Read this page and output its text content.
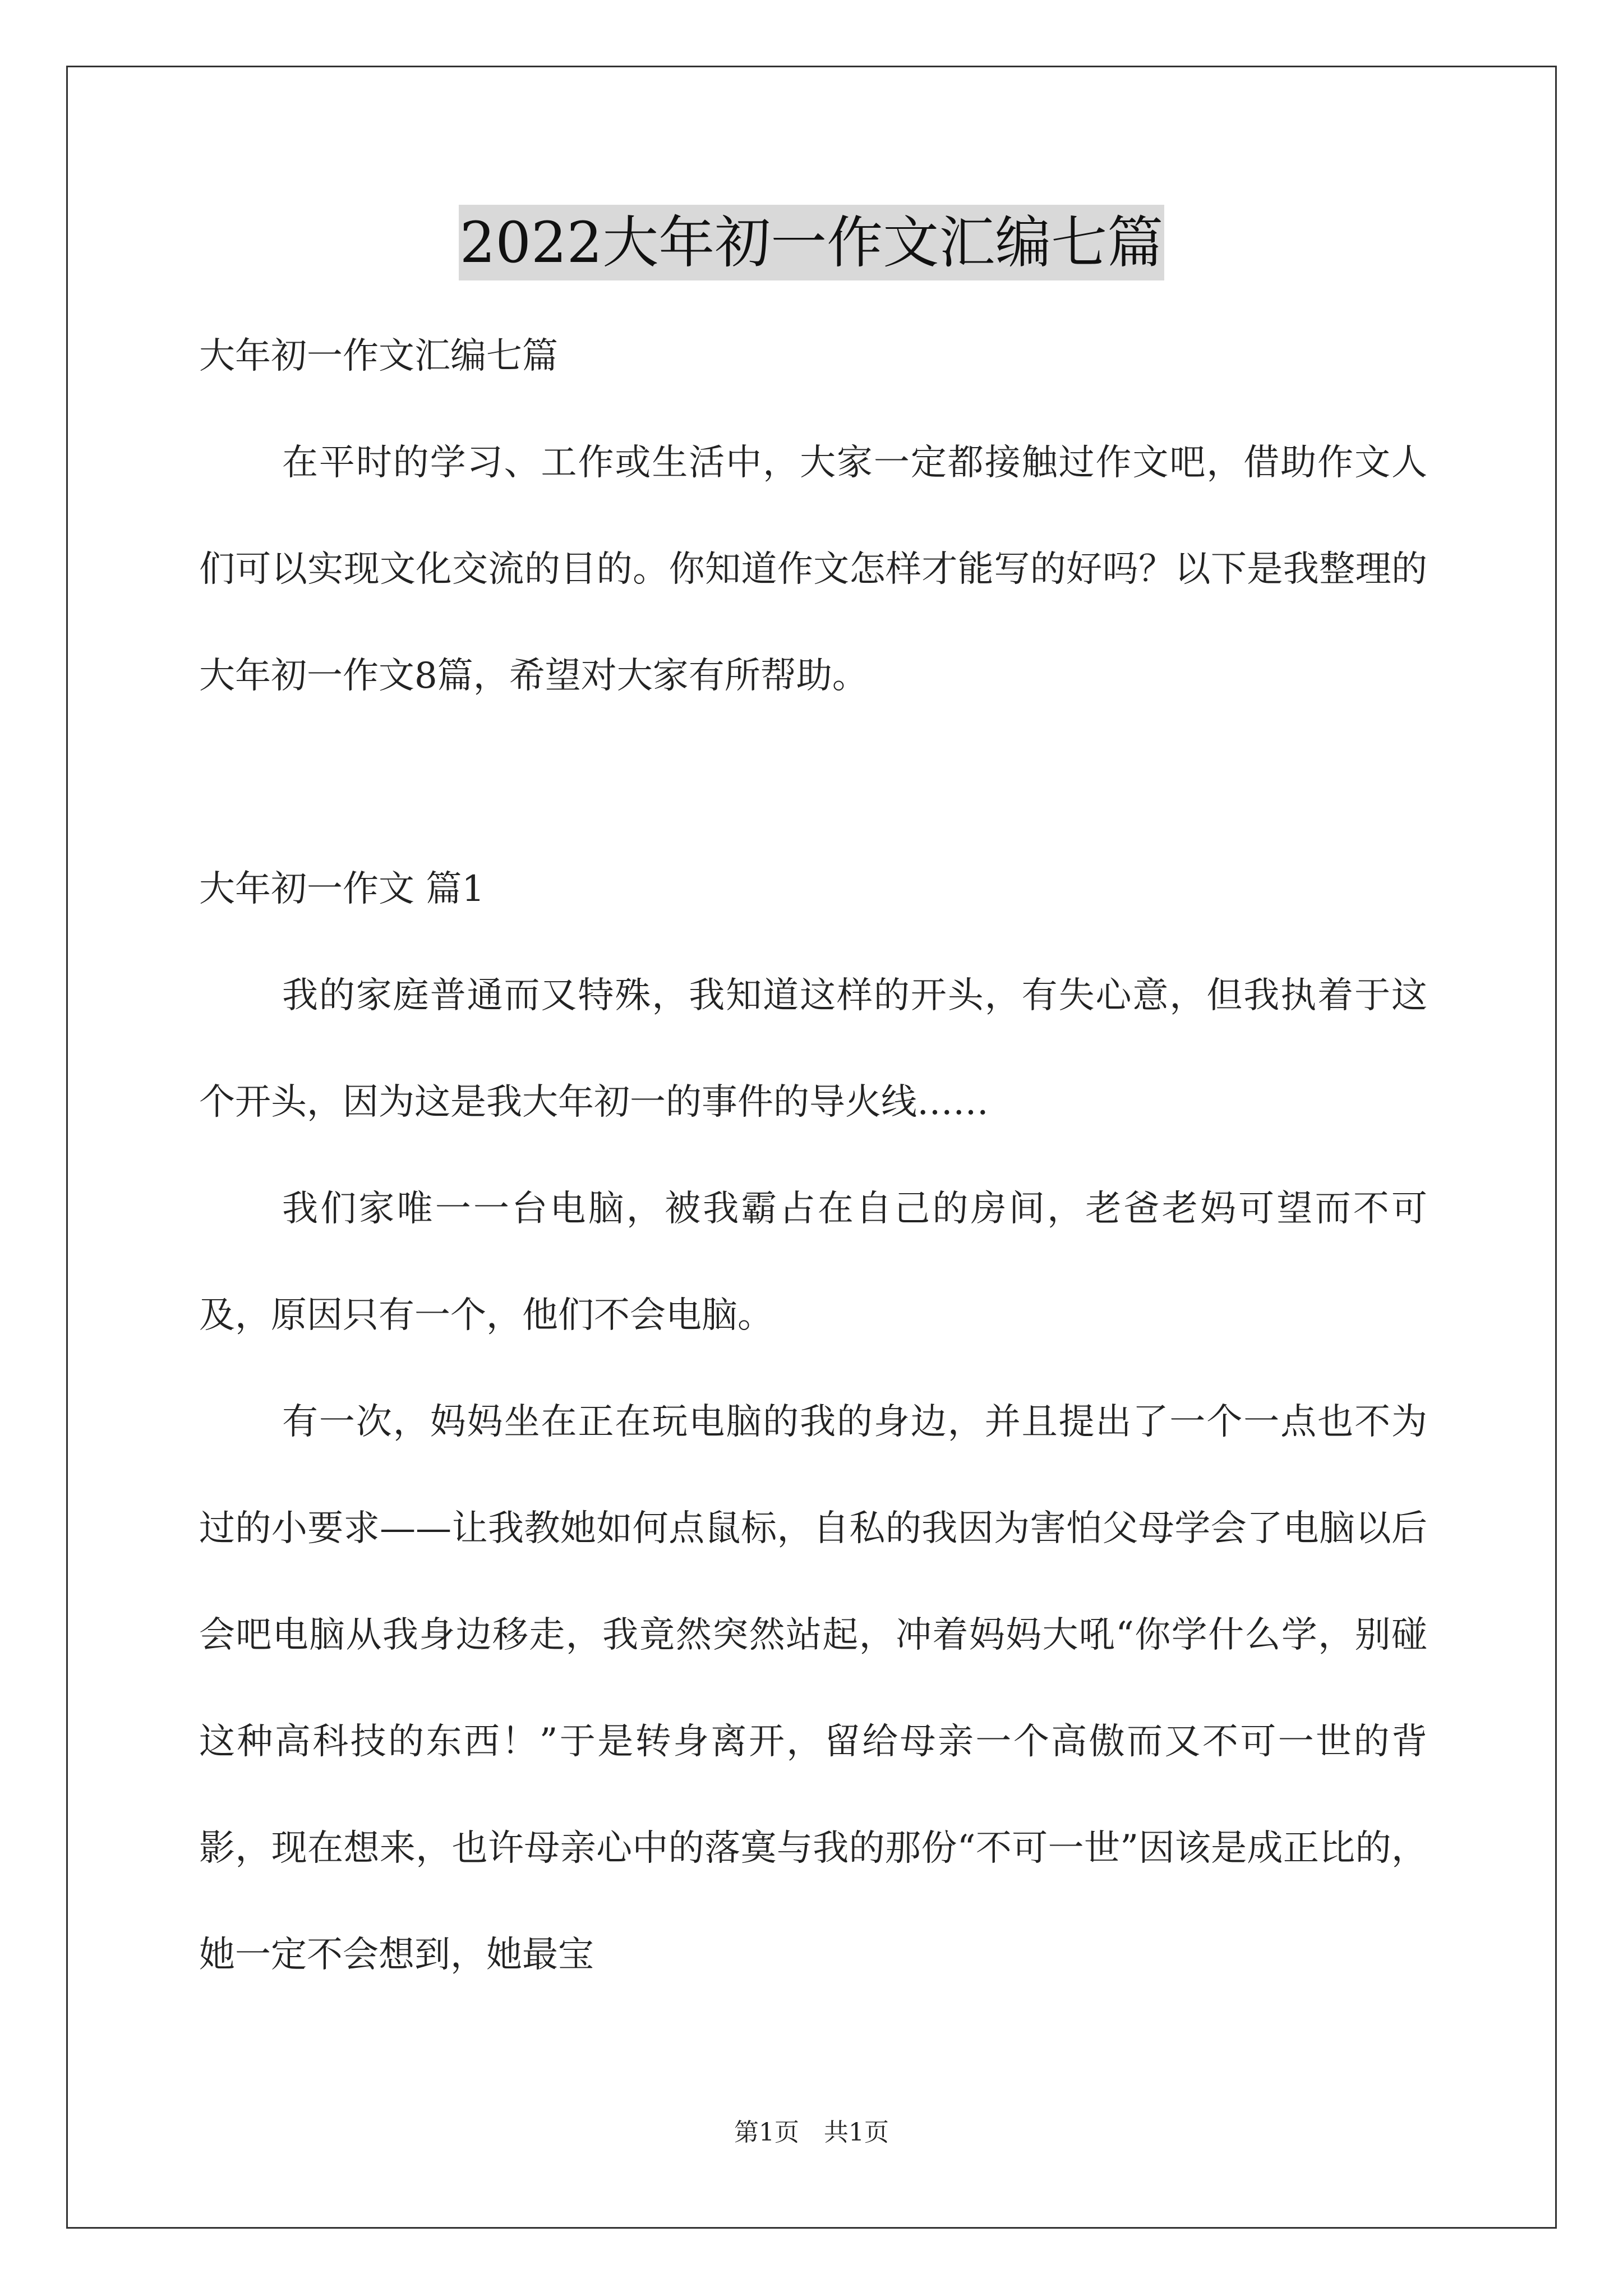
2022大年初一作文汇编七篇

大年初一作文汇编七篇

在平时的学习、工作或生活中，大家一定都接触过作文吧，借助作文人们可以实现文化交流的目的。你知道作文怎样才能写的好吗？以下是我整理的大年初一作文8篇，希望对大家有所帮助。

大年初一作文 篇1

我的家庭普通而又特殊，我知道这样的开头，有失心意，但我执着于这个开头，因为这是我大年初一的事件的导火线……

我们家唯一一台电脑，被我霸占在自己的房间，老爸老妈可望而不可及，原因只有一个，他们不会电脑。

有一次，妈妈坐在正在玩电脑的我的身边，并且提出了一个一点也不为过的小要求——让我教她如何点鼠标，自私的我因为害怕父母学会了电脑以后会吧电脑从我身边移走，我竟然突然站起，冲着妈妈大吼“你学什么学，别碰这种高科技的东西！”于是转身离开，留给母亲一个高傲而又不可一世的背影，现在想来，也许母亲心中的落寞与我的那份“不可一世”因该是成正比的，她一定不会想到，她最宝

第1页　共1页
